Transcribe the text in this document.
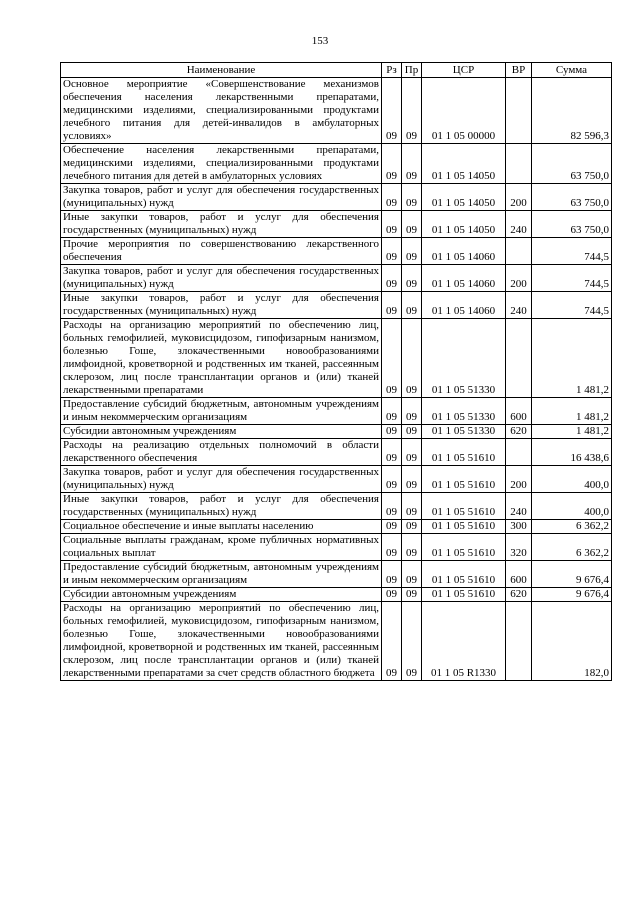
153
Наименование	Рз	Пр	ЦСР	ВР	Сумма
Основное мероприятие «Совершенствование механизмов обеспечения населения лекарственными препаратами, медицинскими изделиями, специализированными продуктами лечебного питания для детей-инвалидов в амбулаторных условиях»	09	09	01 1 05 00000		82 596,3
Обеспечение населения лекарственными препаратами, медицинскими изделиями, специализированными продуктами лечебного питания для детей в амбулаторных условиях	09	09	01 1 05 14050		63 750,0
Закупка товаров, работ и услуг для обеспечения государственных (муниципальных) нужд	09	09	01 1 05 14050	200	63 750,0
Иные закупки товаров, работ и услуг для обеспечения государственных (муниципальных) нужд	09	09	01 1 05 14050	240	63 750,0
Прочие мероприятия по совершенствованию лекарственного обеспечения	09	09	01 1 05 14060		744,5
Закупка товаров, работ и услуг для обеспечения государственных (муниципальных) нужд	09	09	01 1 05 14060	200	744,5
Иные закупки товаров, работ и услуг для обеспечения государственных (муниципальных) нужд	09	09	01 1 05 14060	240	744,5
Расходы на организацию мероприятий по обеспечению лиц, больных гемофилией, муковисцидозом, гипофизарным нанизмом, болезнью Гоше, злокачественными новообразованиями лимфоидной, кроветворной и родственных им тканей, рассеянным склерозом, лиц после трансплантации органов и (или) тканей лекарственными препаратами	09	09	01 1 05 51330		1 481,2
Предоставление субсидий бюджетным, автономным учреждениям и иным некоммерческим организациям	09	09	01 1 05 51330	600	1 481,2
Субсидии автономным учреждениям	09	09	01 1 05 51330	620	1 481,2
Расходы на реализацию отдельных полномочий в области лекарственного обеспечения	09	09	01 1 05 51610		16 438,6
Закупка товаров, работ и услуг для обеспечения государственных (муниципальных) нужд	09	09	01 1 05 51610	200	400,0
Иные закупки товаров, работ и услуг для обеспечения государственных (муниципальных) нужд	09	09	01 1 05 51610	240	400,0
Социальное обеспечение и иные выплаты населению	09	09	01 1 05 51610	300	6 362,2
Социальные выплаты гражданам, кроме публичных нормативных социальных выплат	09	09	01 1 05 51610	320	6 362,2
Предоставление субсидий бюджетным, автономным учреждениям и иным некоммерческим организациям	09	09	01 1 05 51610	600	9 676,4
Субсидии автономным учреждениям	09	09	01 1 05 51610	620	9 676,4
Расходы на организацию мероприятий по обеспечению лиц, больных гемофилией, муковисцидозом, гипофизарным нанизмом, болезнью Гоше, злокачественными новообразованиями лимфоидной, кроветворной и родственных им тканей, рассеянным склерозом, лиц после трансплантации органов и (или) тканей лекарственными препаратами за счет средств областного бюджета	09	09	01 1 05 R1330		182,0
